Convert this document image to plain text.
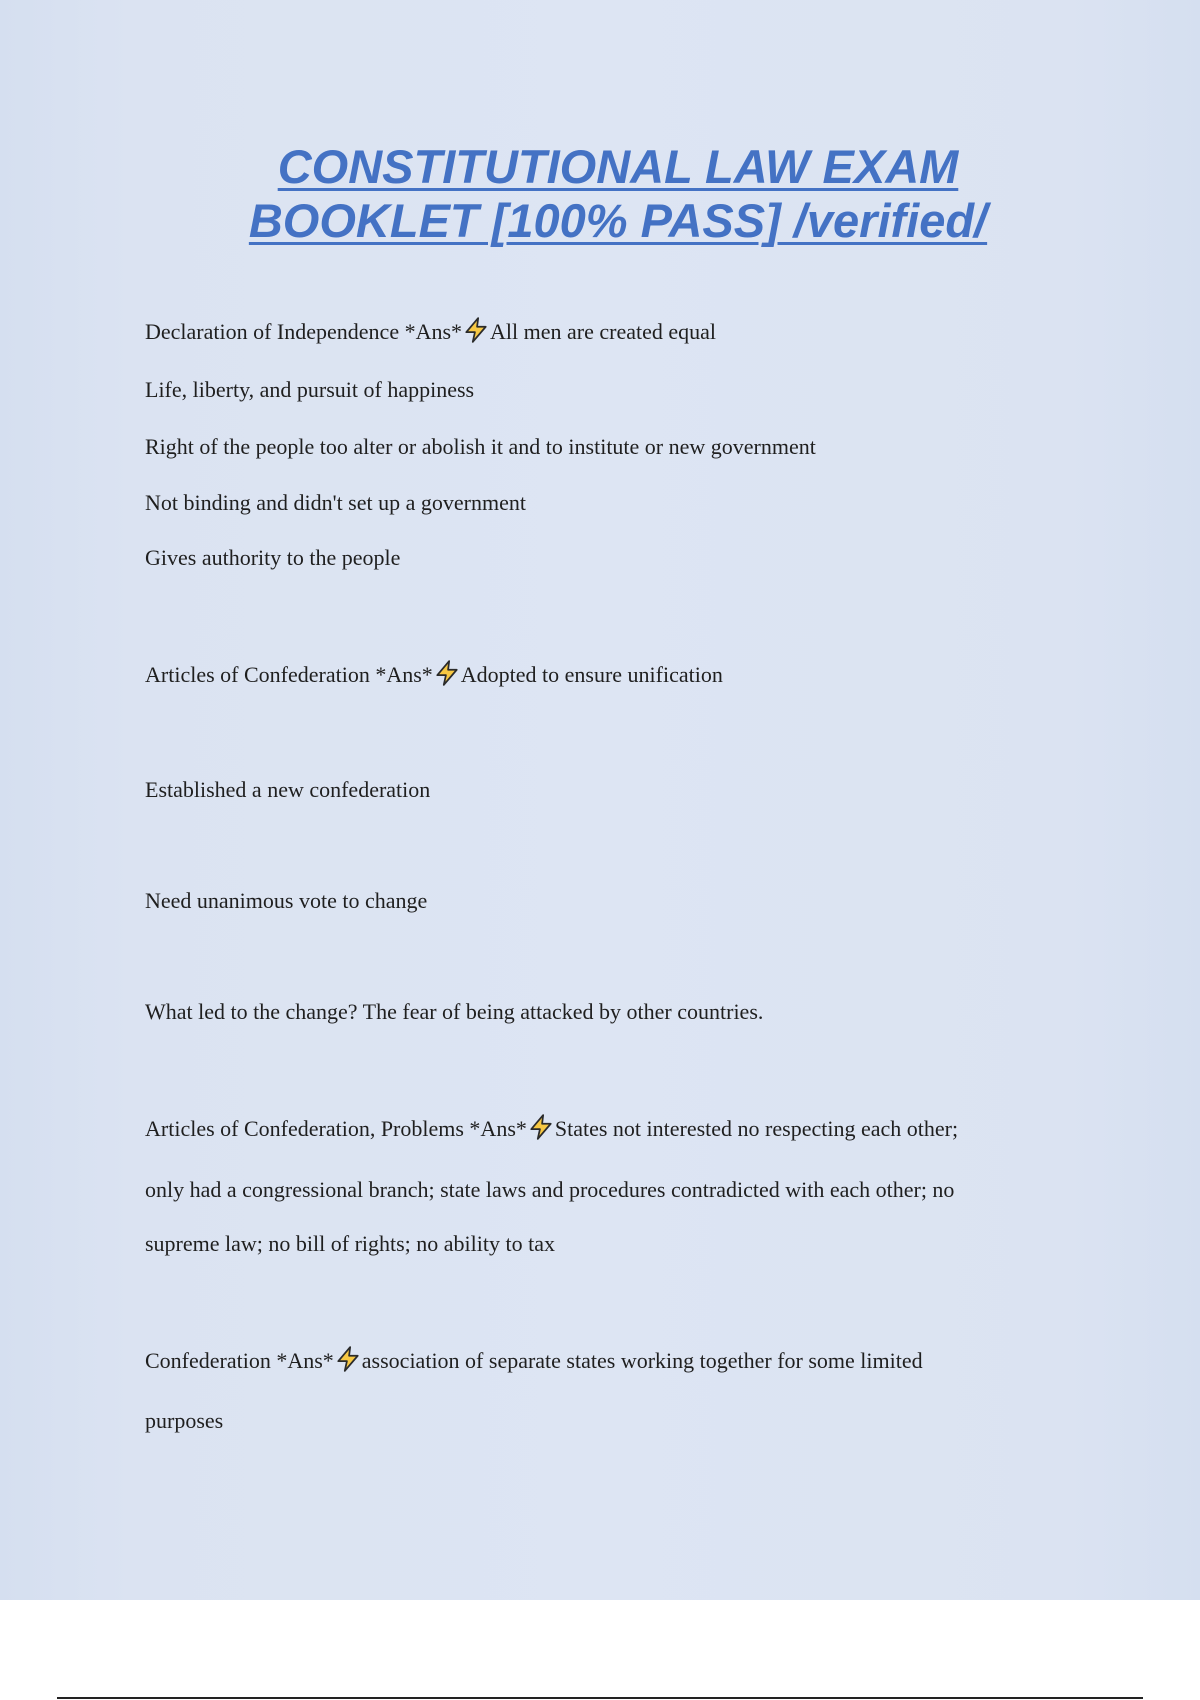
CONSTITUTIONAL LAW EXAM
BOOKLET [100% PASS] /verified/

Declaration of Independence *Ans* All men are created equal

Life, liberty, and pursuit of happiness

Right of the people too alter or abolish it and to institute or new government

Not binding and didn't set up a government

Gives authority to the people

Articles of Confederation *Ans* Adopted to ensure unification

Established a new confederation

Need unanimous vote to change

What led to the change? The fear of being attacked by other countries.

Articles of Confederation, Problems *Ans* States not interested no respecting each other;

only had a congressional branch; state laws and procedures contradicted with each other; no

supreme law; no bill of rights; no ability to tax

Confederation *Ans* association of separate states working together for some limited

purposes
